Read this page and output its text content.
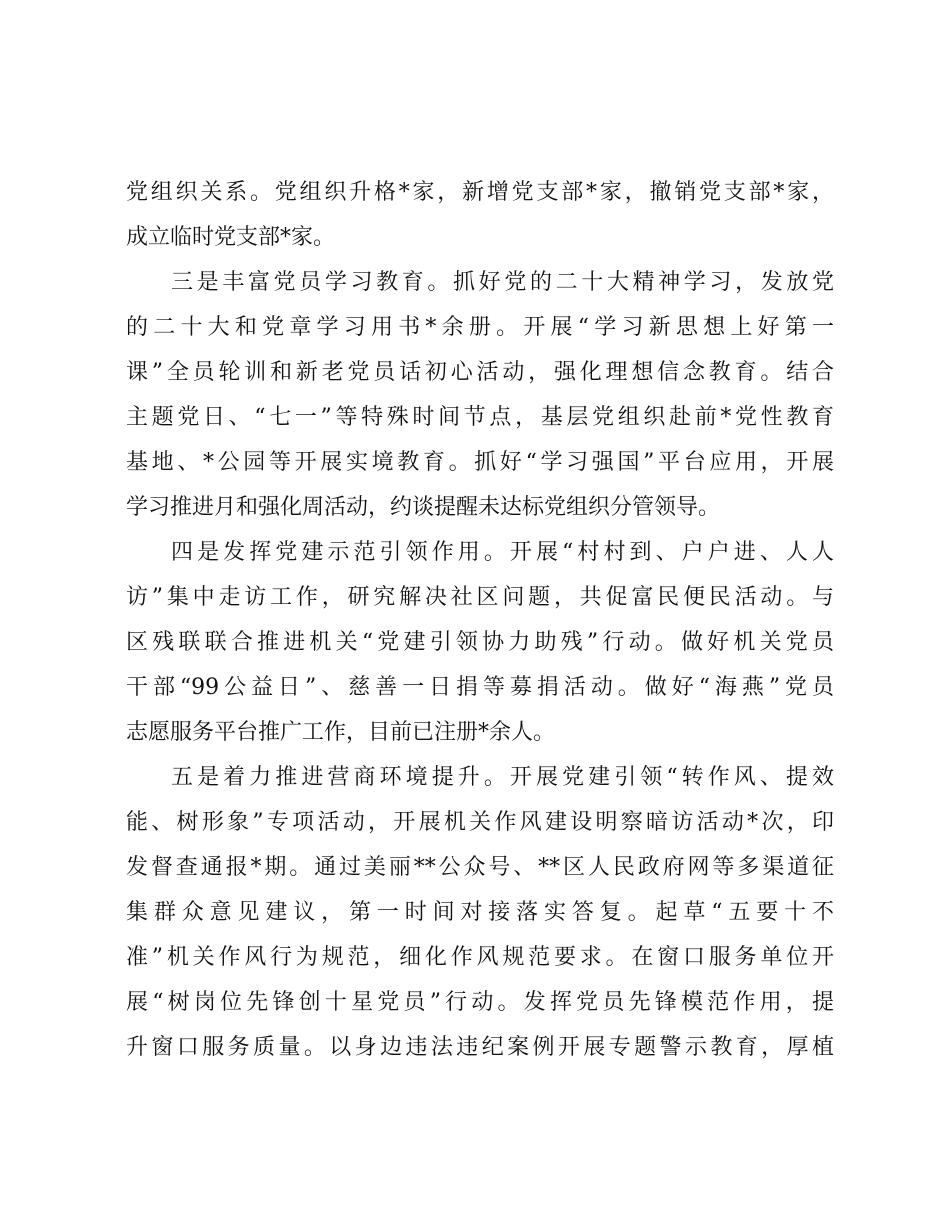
党组织关系。党组织升格*家，新增党支部*家，撤销党支部*家，
成立临时党支部*家。
三是丰富党员学习教育。抓好党的二十大精神学习，发放党
的二十大和党章学习用书*余册。开展“学习新思想上好第一
课”全员轮训和新老党员话初心活动，强化理想信念教育。结合
主题党日、“七一”等特殊时间节点，基层党组织赴前*党性教育
基地、*公园等开展实境教育。抓好“学习强国”平台应用，开展
学习推进月和强化周活动，约谈提醒未达标党组织分管领导。
四是发挥党建示范引领作用。开展“村村到、户户进、人人
访”集中走访工作，研究解决社区问题，共促富民便民活动。与
区残联联合推进机关“党建引领协力助残”行动。做好机关党员
干部“99公益日”、慈善一日捐等募捐活动。做好“海燕”党员
志愿服务平台推广工作，目前已注册*余人。
五是着力推进营商环境提升。开展党建引领“转作风、提效
能、树形象”专项活动，开展机关作风建设明察暗访活动*次，印
发督查通报*期。通过美丽**公众号、**区人民政府网等多渠道征
集群众意见建议，第一时间对接落实答复。起草“五要十不
准”机关作风行为规范，细化作风规范要求。在窗口服务单位开
展“树岗位先锋创十星党员”行动。发挥党员先锋模范作用，提
升窗口服务质量。以身边违法违纪案例开展专题警示教育，厚植
